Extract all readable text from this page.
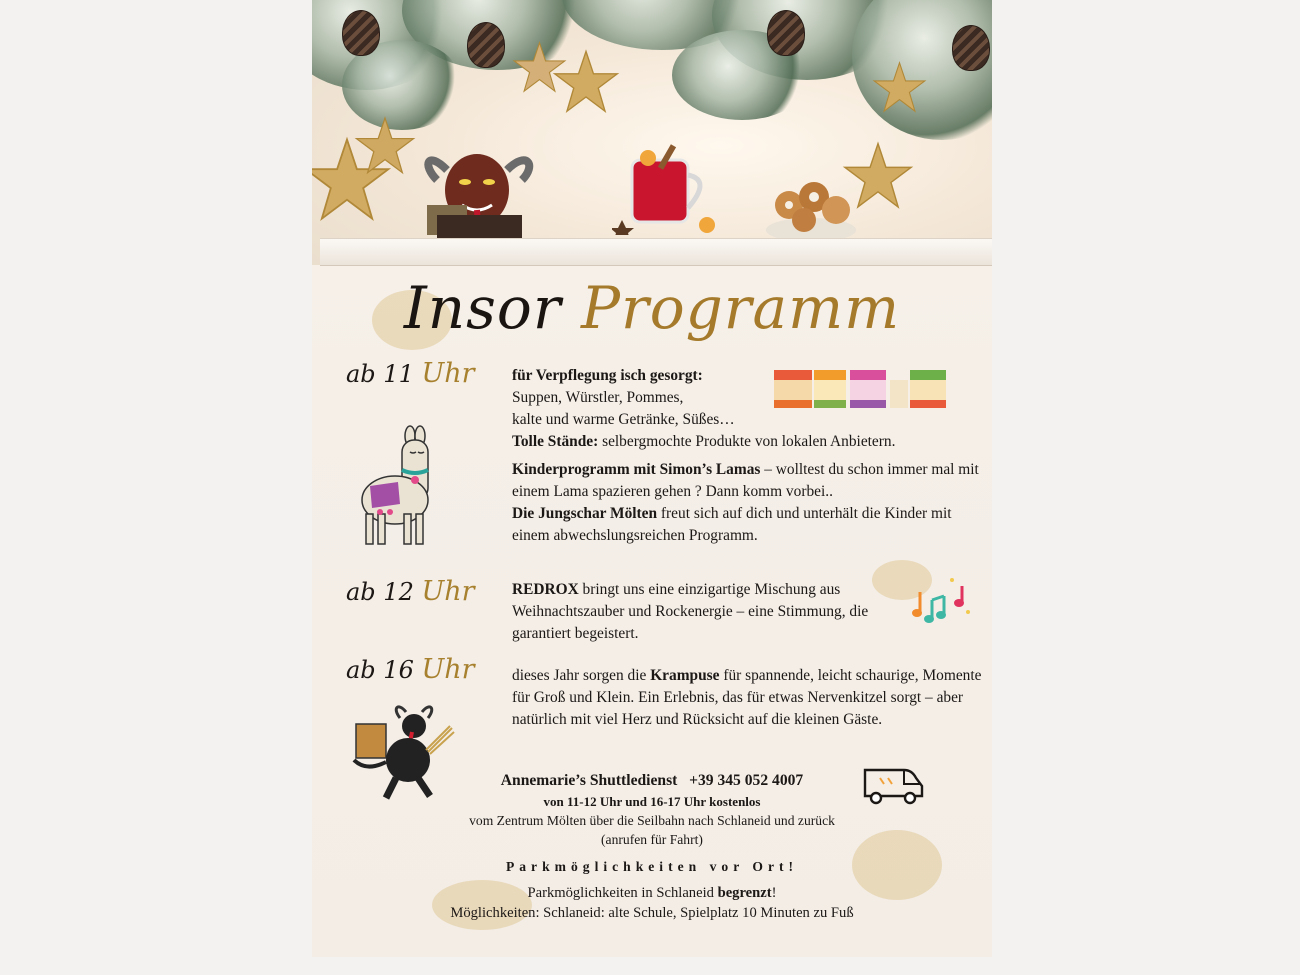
Insor Programm
ab 11 Uhr für Verpflegung isch gesorgt:
Suppen, Würstler, Pommes,
kalte und warme Getränke, Süßes…
Tolle Stände: selbergmochte Produkte von lokalen Anbietern.
Kinderprogramm mit Simon’s Lamas – wolltest du schon immer mal mit einem Lama spazieren gehen ? Dann komm vorbei..
Die Jungschar Mölten freut sich auf dich und unterhält die Kinder mit einem abwechslungsreichen Programm.
ab 12 Uhr REDROX bringt uns eine einzigartige Mischung aus Weihnachtszauber und Rockenergie – eine Stimmung, die garantiert begeistert.
ab 16 Uhr dieses Jahr sorgen die Krampuse für spannende, leicht schaurige, Momente für Groß und Klein. Ein Erlebnis, das für etwas Nervenkitzel sorgt – aber natürlich mit viel Herz und Rücksicht auf die kleinen Gäste.
Annemarie’s Shuttledienst +39 345 052 4007
von 11-12 Uhr und 16-17 Uhr kostenlos
vom Zentrum Mölten über die Seilbahn nach Schlaneid und zurück
(anrufen für Fahrt)
Parkmöglichkeiten vor Ort!
Parkmöglichkeiten in Schlaneid begrenzt!
Möglichkeiten: Schlaneid: alte Schule, Spielplatz 10 Minuten zu Fuß
